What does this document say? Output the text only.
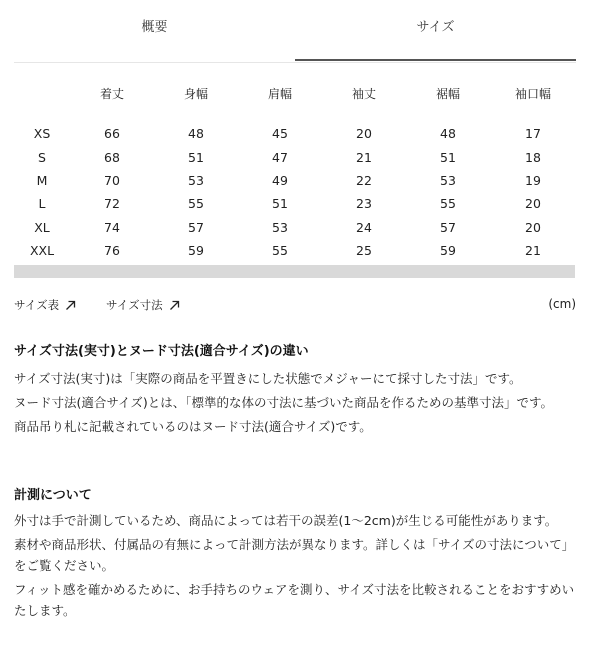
概要	サイズ
	着丈	身幅	肩幅	袖丈	裾幅	袖口幅

XS	66	48	45	20	48	17
S	68	51	47	21	51	18
M	70	53	49	22	53	19
L	72	55	51	23	55	20
XL	74	57	53	24	57	20
XXL	76	59	55	25	59	21
サイズ表	サイズ寸法	(cm)
サイズ寸法(実寸)とヌード寸法(適合サイズ)の違い

サイズ寸法(実寸)は「実際の商品を平置きにした状態でメジャーにて採寸した寸法」です。

ヌード寸法(適合サイズ)とは、「標準的な体の寸法に基づいた商品を作るための基準寸法」です。

商品吊り札に記載されているのはヌード寸法(適合サイズ)です。

計測について

外寸は手で計測しているため、商品によっては若干の誤差(1〜2cm)が生じる可能性があります。

素材や商品形状、付属品の有無によって計測方法が異なります。詳しくは「サイズの寸法について」をご覧ください。

フィット感を確かめるために、お手持ちのウェアを測り、サイズ寸法を比較されることをおすすめいたします。
